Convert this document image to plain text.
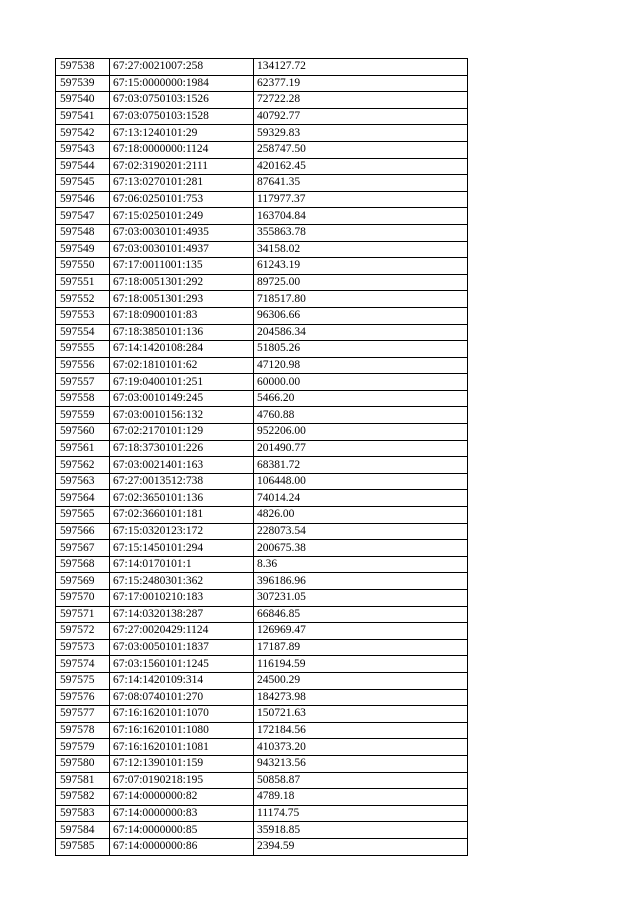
597538	67:27:0021007:258	134127.72
597539	67:15:0000000:1984	62377.19
597540	67:03:0750103:1526	72722.28
597541	67:03:0750103:1528	40792.77
597542	67:13:1240101:29	59329.83
597543	67:18:0000000:1124	258747.50
597544	67:02:3190201:2111	420162.45
597545	67:13:0270101:281	87641.35
597546	67:06:0250101:753	117977.37
597547	67:15:0250101:249	163704.84
597548	67:03:0030101:4935	355863.78
597549	67:03:0030101:4937	34158.02
597550	67:17:0011001:135	61243.19
597551	67:18:0051301:292	89725.00
597552	67:18:0051301:293	718517.80
597553	67:18:0900101:83	96306.66
597554	67:18:3850101:136	204586.34
597555	67:14:1420108:284	51805.26
597556	67:02:1810101:62	47120.98
597557	67:19:0400101:251	60000.00
597558	67:03:0010149:245	5466.20
597559	67:03:0010156:132	4760.88
597560	67:02:2170101:129	952206.00
597561	67:18:3730101:226	201490.77
597562	67:03:0021401:163	68381.72
597563	67:27:0013512:738	106448.00
597564	67:02:3650101:136	74014.24
597565	67:02:3660101:181	4826.00
597566	67:15:0320123:172	228073.54
597567	67:15:1450101:294	200675.38
597568	67:14:0170101:1	8.36
597569	67:15:2480301:362	396186.96
597570	67:17:0010210:183	307231.05
597571	67:14:0320138:287	66846.85
597572	67:27:0020429:1124	126969.47
597573	67:03:0050101:1837	17187.89
597574	67:03:1560101:1245	116194.59
597575	67:14:1420109:314	24500.29
597576	67:08:0740101:270	184273.98
597577	67:16:1620101:1070	150721.63
597578	67:16:1620101:1080	172184.56
597579	67:16:1620101:1081	410373.20
597580	67:12:1390101:159	943213.56
597581	67:07:0190218:195	50858.87
597582	67:14:0000000:82	4789.18
597583	67:14:0000000:83	11174.75
597584	67:14:0000000:85	35918.85
597585	67:14:0000000:86	2394.59
